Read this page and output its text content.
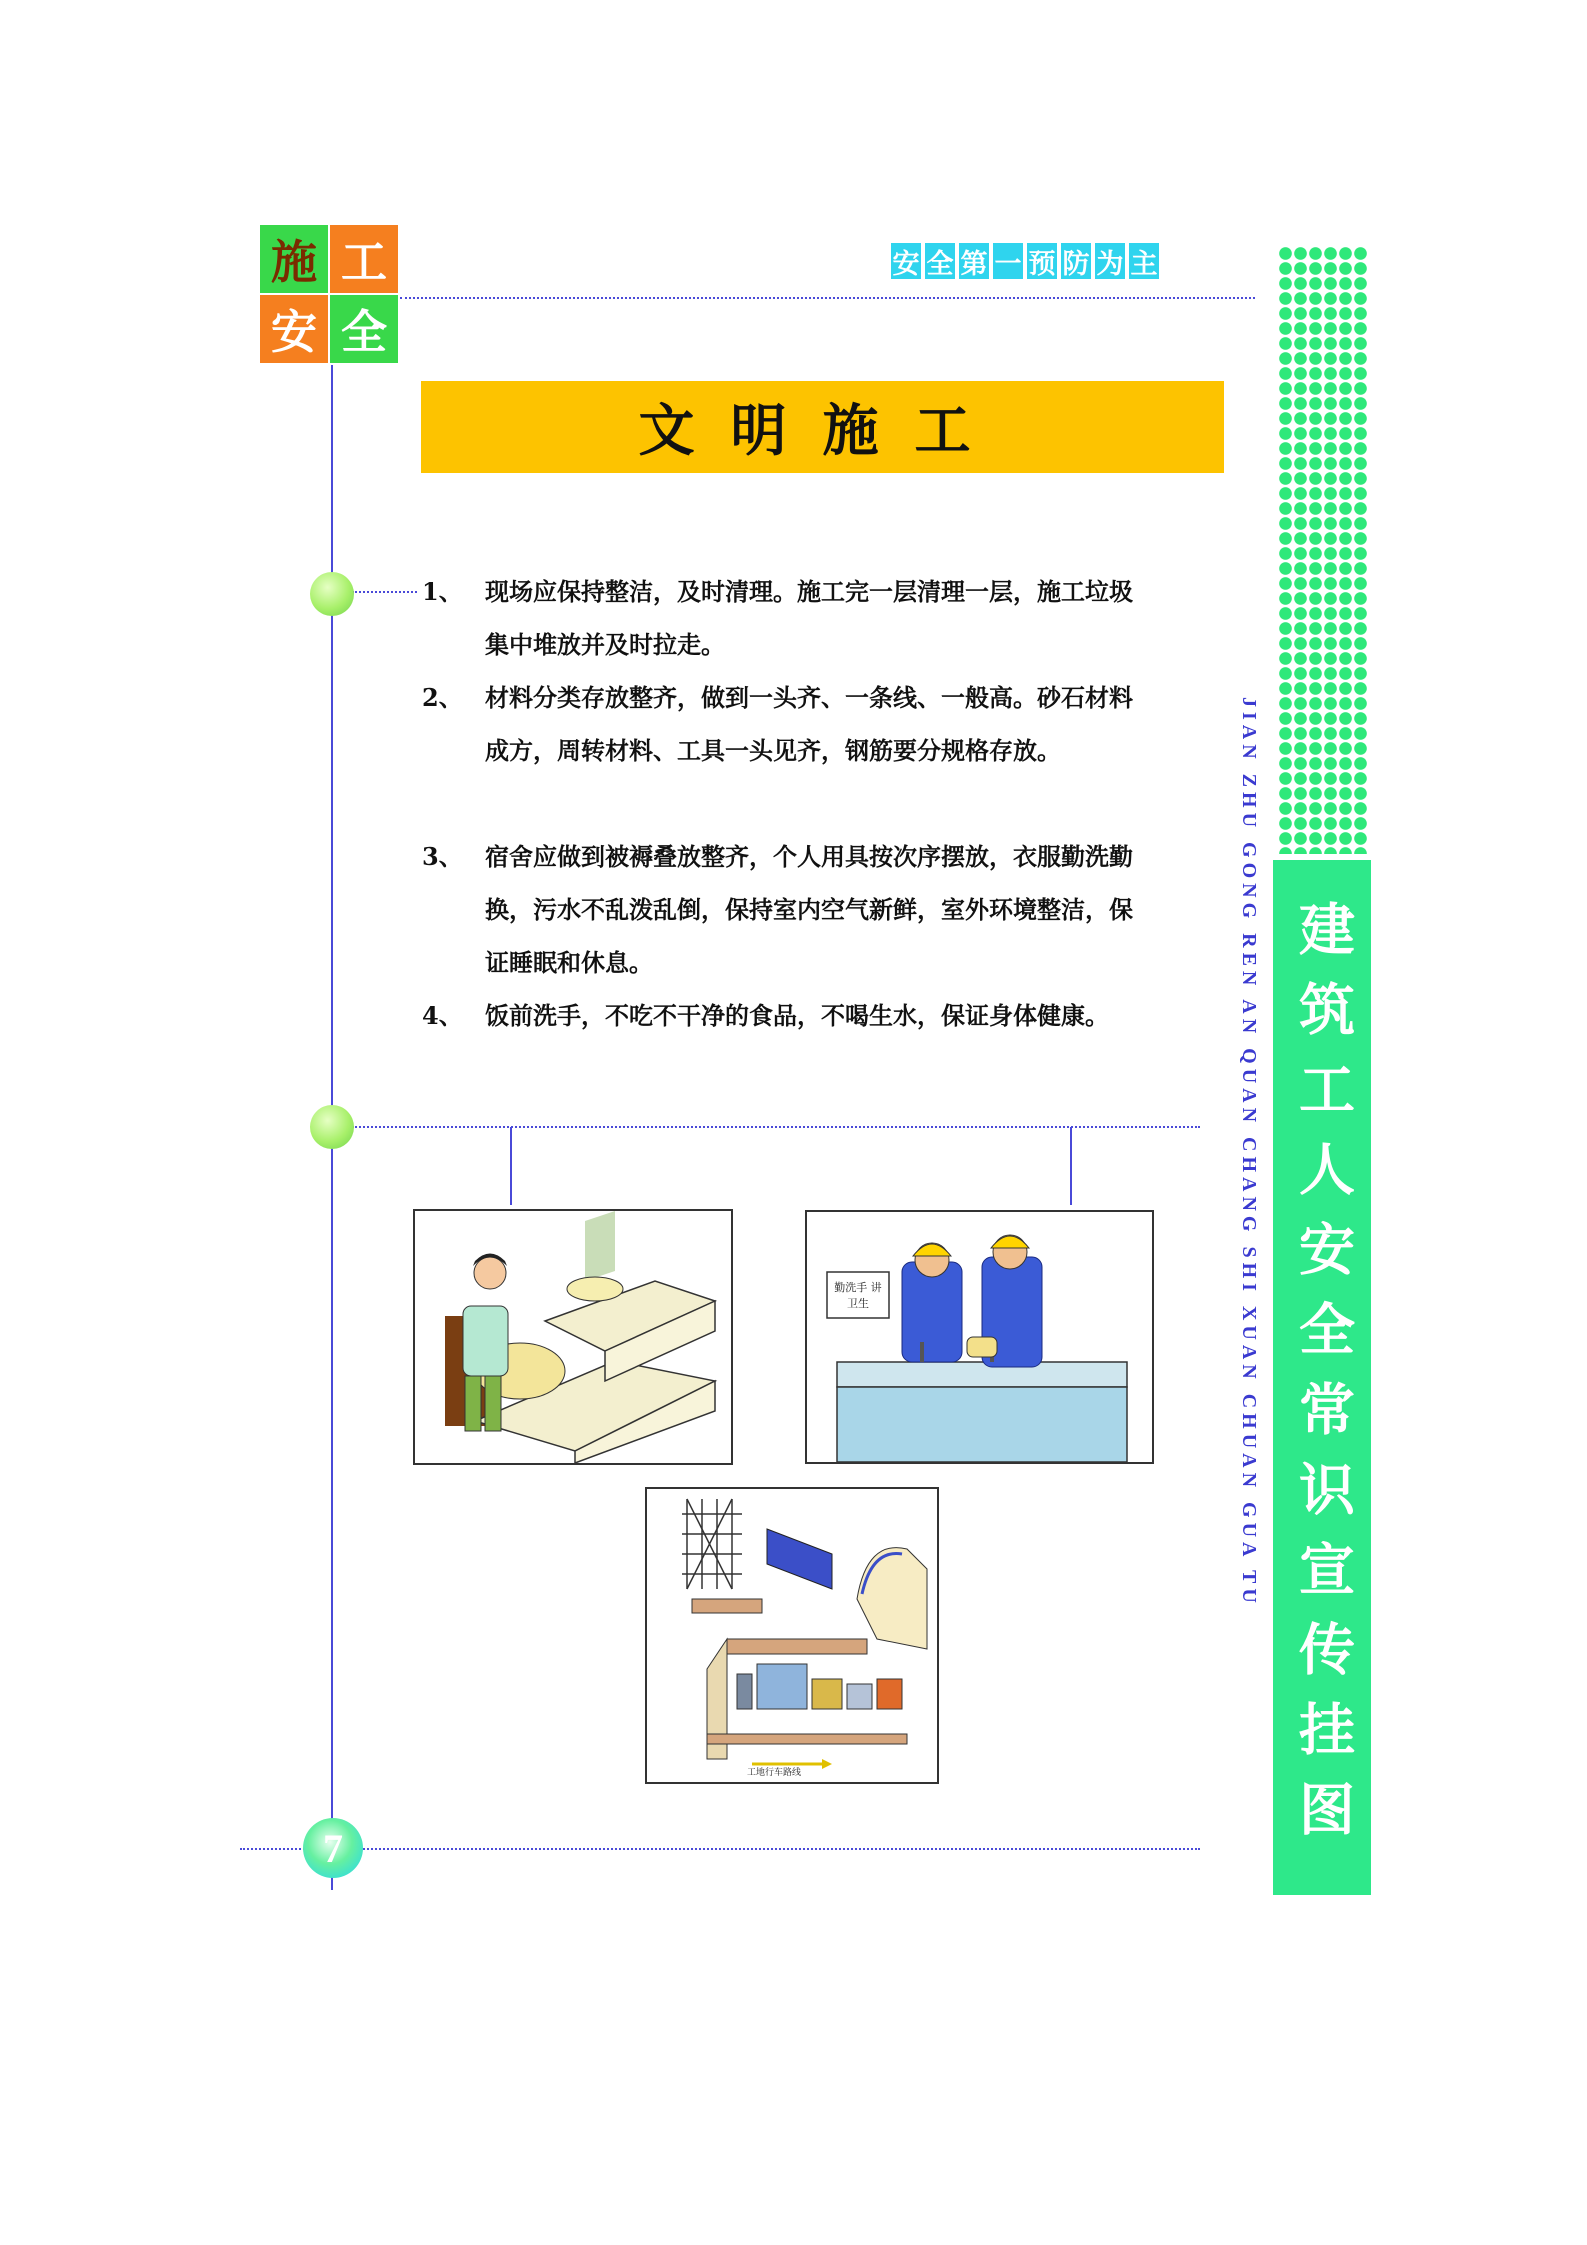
施 工
安 全
安 全 第 一 预 防 为 主
JIAN ZHU GONG REN AN QUAN CHANG SHI XUAN CHUAN GUA TU 建筑工人安全常识宣传挂图
文明施工
1、 现场应保持整洁，及时清理。施工完一层清理一层，施工垃圾集中堆放并及时拉走。
2、 材料分类存放整齐，做到一头齐、一条线、一般高。砂石材料成方，周转材料、工具一头见齐，钢筋要分规格存放。
3、 宿舍应做到被褥叠放整齐，个人用具按次序摆放，衣服勤洗勤换，污水不乱泼乱倒，保持室内空气新鲜，室外环境整洁，保证睡眠和休息。
4、 饭前洗手，不吃不干净的食品，不喝生水，保证身体健康。
勤洗手 讲卫生
工地行车路线
7
